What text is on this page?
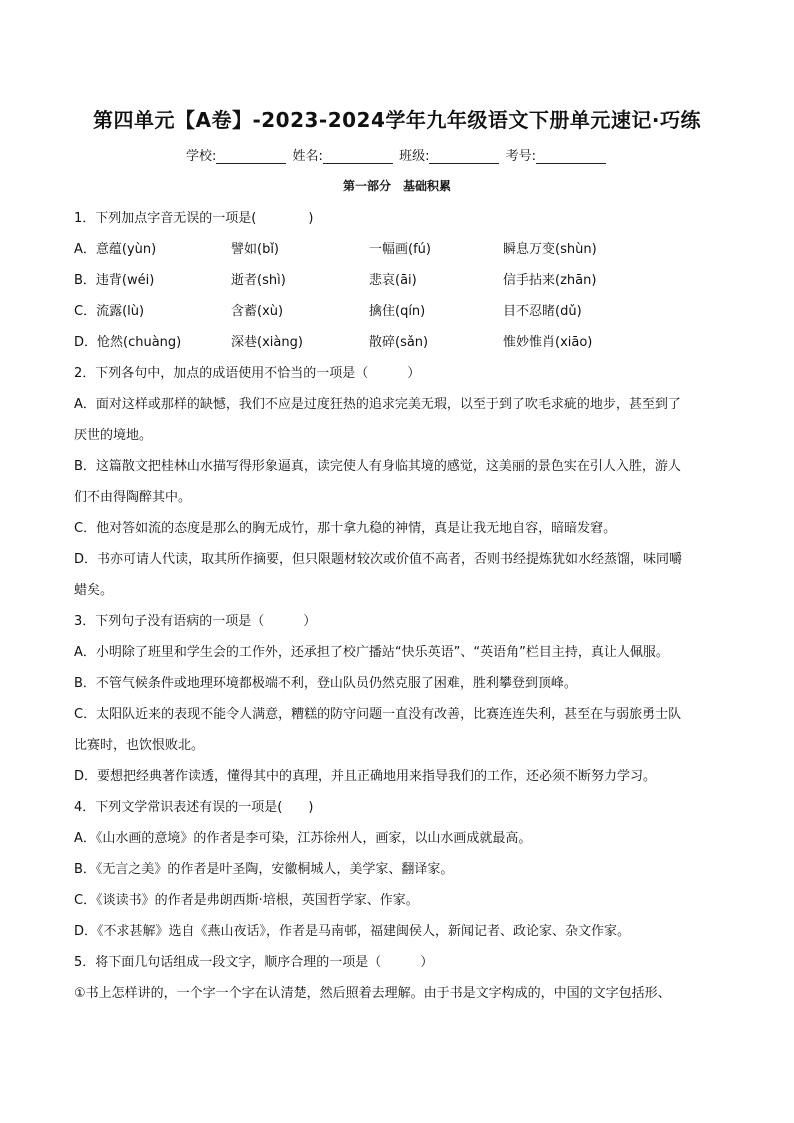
第四单元【A卷】-2023-2024学年九年级语文下册单元速记·巧练
学校:	姓名:	班级:	考号:
第一部分　基础积累
1．下列加点字音无误的一项是(　　　　)
A．意蕴(yùn)	譬如(bǐ)	一幅画(fú)	瞬息万变(shùn)
B．违背(wéi)	逝者(shì)	悲哀(āi)	信手拈来(zhān)
C．流露(lù)	含蓄(xù)	擒住(qín)	目不忍睹(dǔ)
D．怆然(chuàng)	深巷(xiàng)	散碎(sǎn)	惟妙惟肖(xiāo)
2．下列各句中，加点的成语使用不恰当的一项是（　　　）
A．面对这样或那样的缺憾，我们不应是过度狂热的追求完美无瑕，以至于到了吹毛求疵的地步，甚至到了
厌世的境地。
B．这篇散文把桂林山水描写得形象逼真，读完使人有身临其境的感觉，这美丽的景色实在引人入胜，游人
们不由得陶醉其中。
C．他对答如流的态度是那么的胸无成竹，那十拿九稳的神情，真是让我无地自容，暗暗发窘。
D．书亦可请人代读，取其所作摘要，但只限题材较次或价值不高者，否则书经提炼犹如水经蒸馏，味同嚼
蜡矣。
3．下列句子没有语病的一项是（　　　）
A．小明除了班里和学生会的工作外，还承担了校广播站“快乐英语”、“英语角”栏目主持，真让人佩服。
B．不管气候条件或地理环境都极端不利，登山队员仍然克服了困难，胜利攀登到顶峰。
C．太阳队近来的表现不能令人满意，糟糕的防守问题一直没有改善，比赛连连失利，甚至在与弱旅勇士队
比赛时，也饮恨败北。
D．要想把经典著作读透，懂得其中的真理，并且正确地用来指导我们的工作，还必须不断努力学习。
4．下列文学常识表述有误的一项是(　　)
A．《山水画的意境》的作者是李可染，江苏徐州人，画家，以山水画成就最高。
B．《无言之美》的作者是叶圣陶，安徽桐城人，美学家、翻译家。
C．《谈读书》的作者是弗朗西斯·培根，英国哲学家、作家。
D．《不求甚解》选自《燕山夜话》，作者是马南邨，福建闽侯人，新闻记者、政论家、杂文作家。
5．将下面几句话组成一段文字，顺序合理的一项是（　　　）
①书上怎样讲的，一个字一个字在认清楚，然后照着去理解。由于书是文字构成的，中国的文字包括形、
